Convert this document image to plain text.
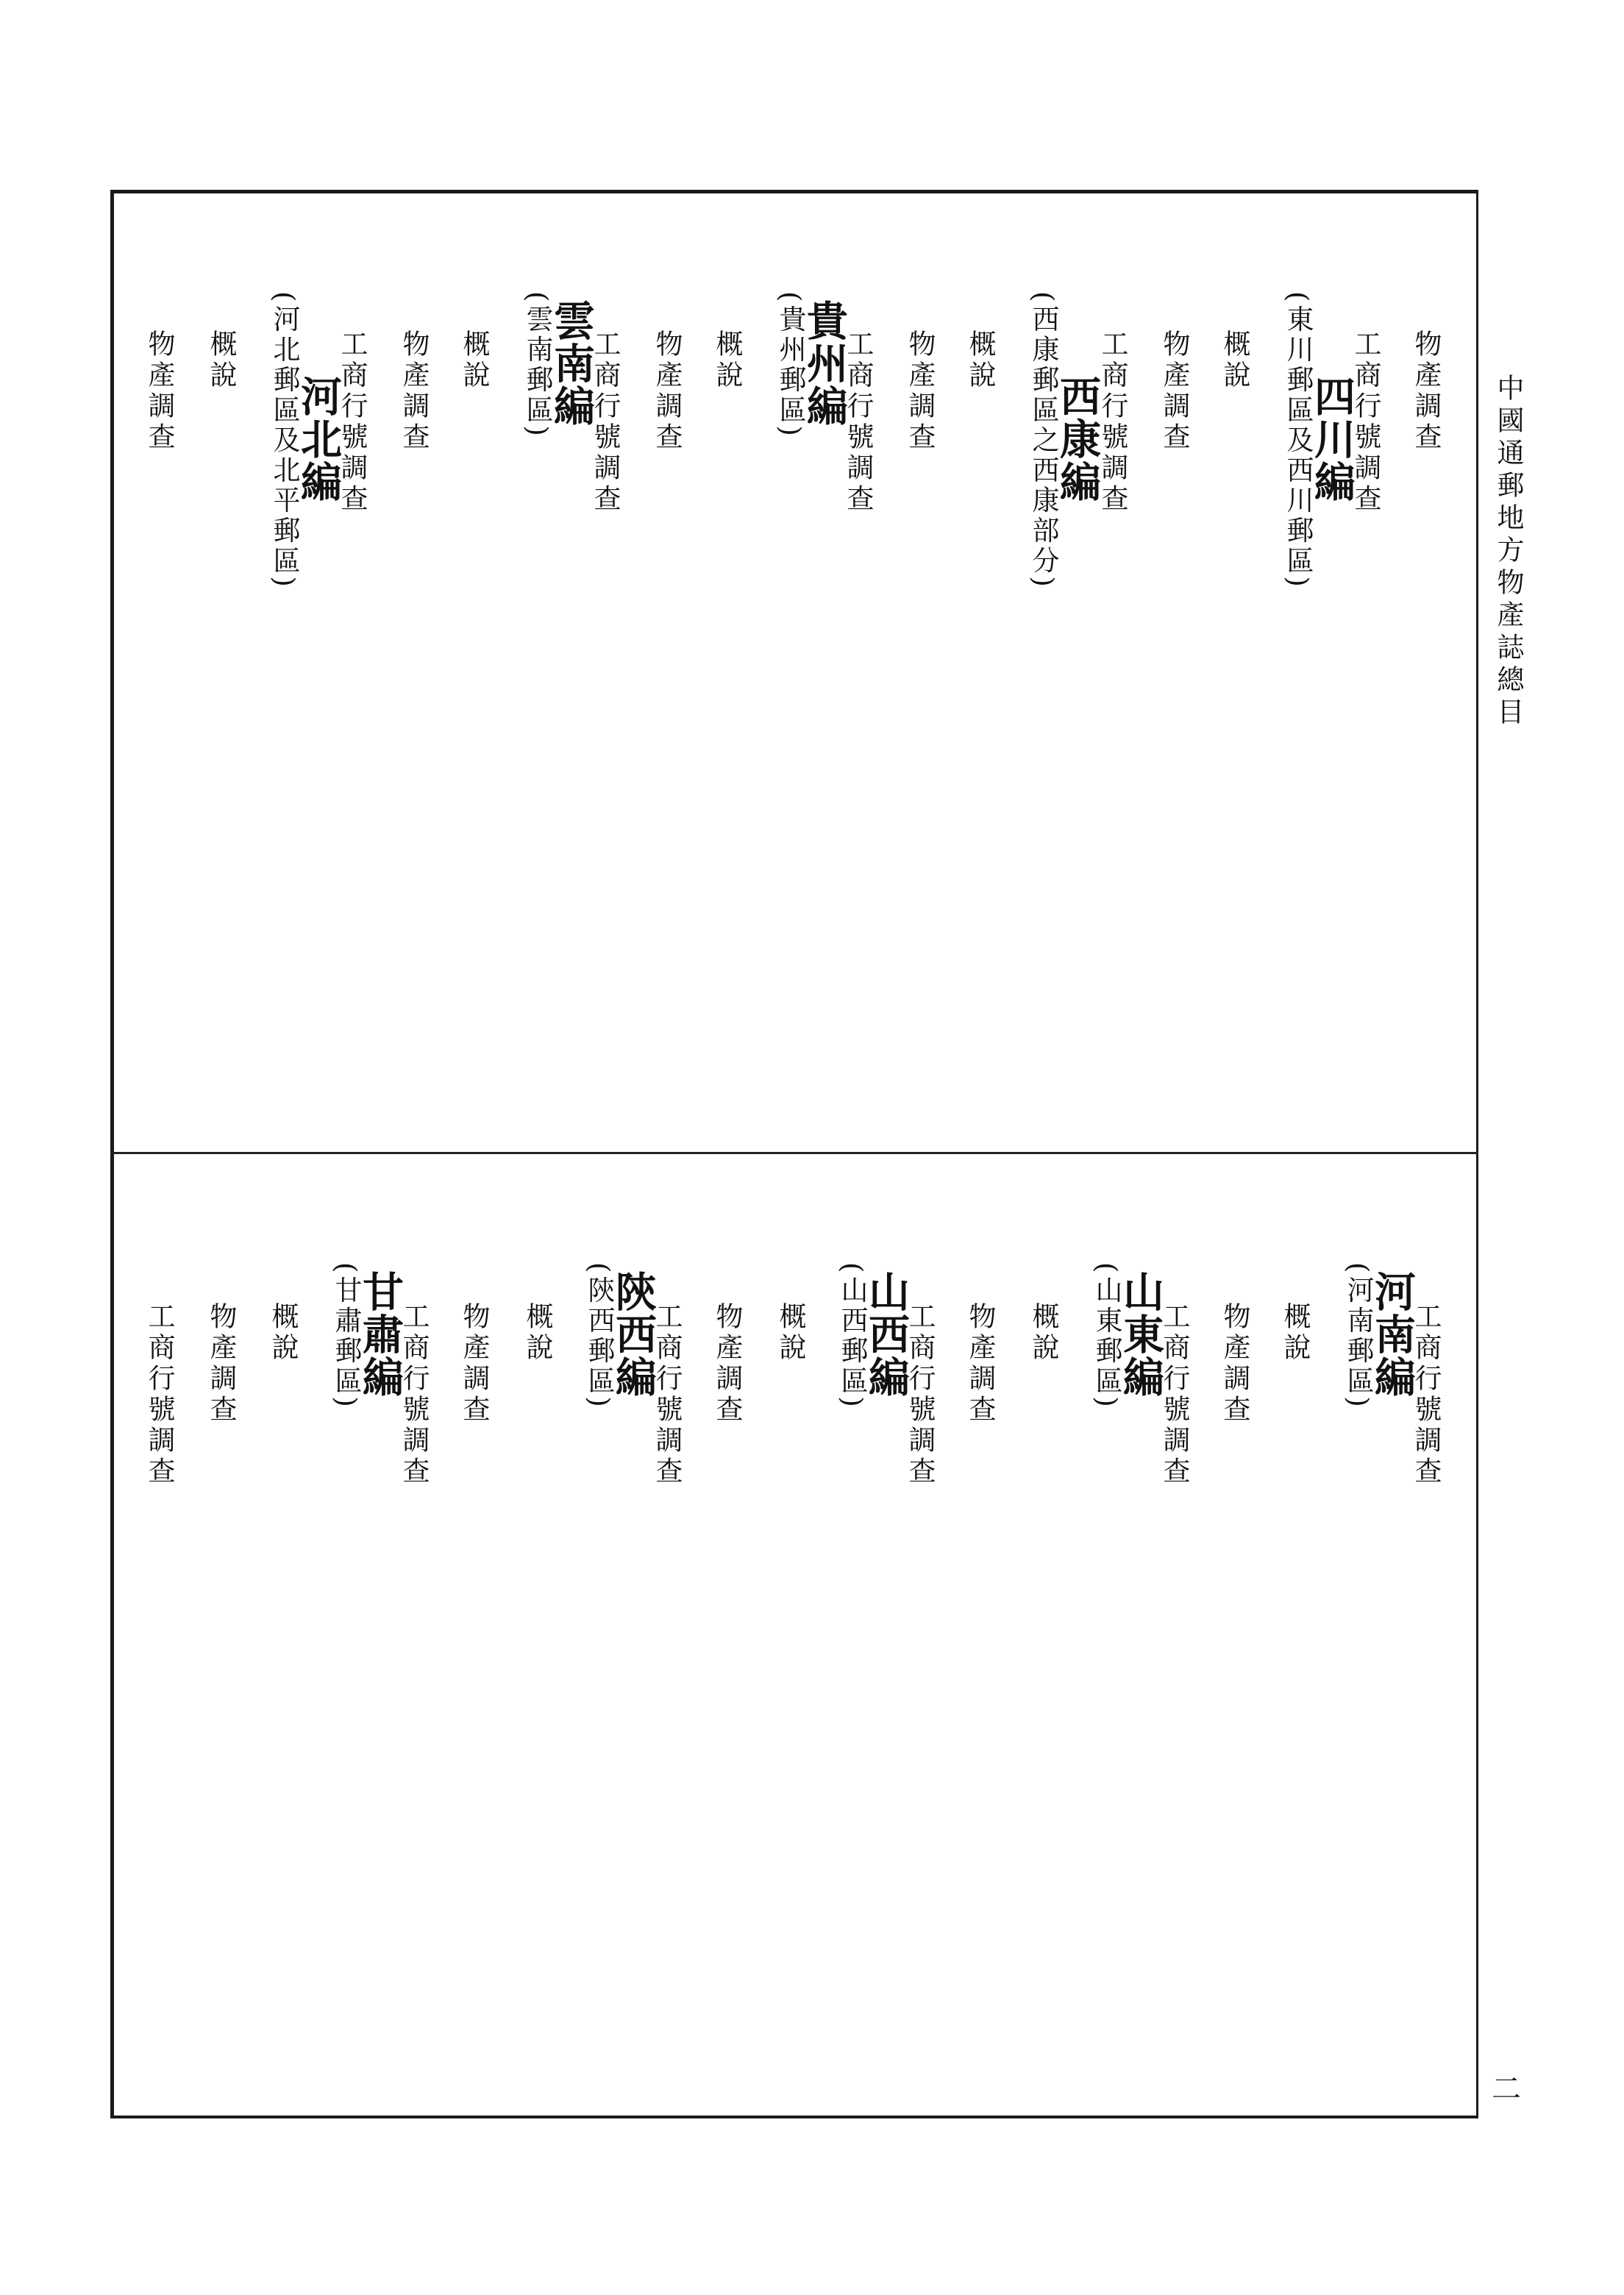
中國通郵地方物產誌總目
二
物產調查
工商行號調查
四川編
(東川郵區及西川郵區)
概說
物產調查
工商行號調查
西康編
(西康郵區之西康部分)
概說
物產調查
工商行號調查
貴州編
(貴州郵區)
概說
物產調查
工商行號調查
雲南編
(雲南郵區)
概說
物產調查
工商行號調查
河北編
(河北郵區及北平郵區)
概說
物產調查
工商行號調查
河南編
(河南郵區)
概說
物產調查
工商行號調查
山東編
(山東郵區)
概說
物產調查
工商行號調查
山西編
(山西郵區)
概說
物產調查
工商行號調查
陝西編
(陝西郵區)
概說
物產調查
工商行號調查
甘肅編
(甘肅郵區)
概說
物產調查
工商行號調查
